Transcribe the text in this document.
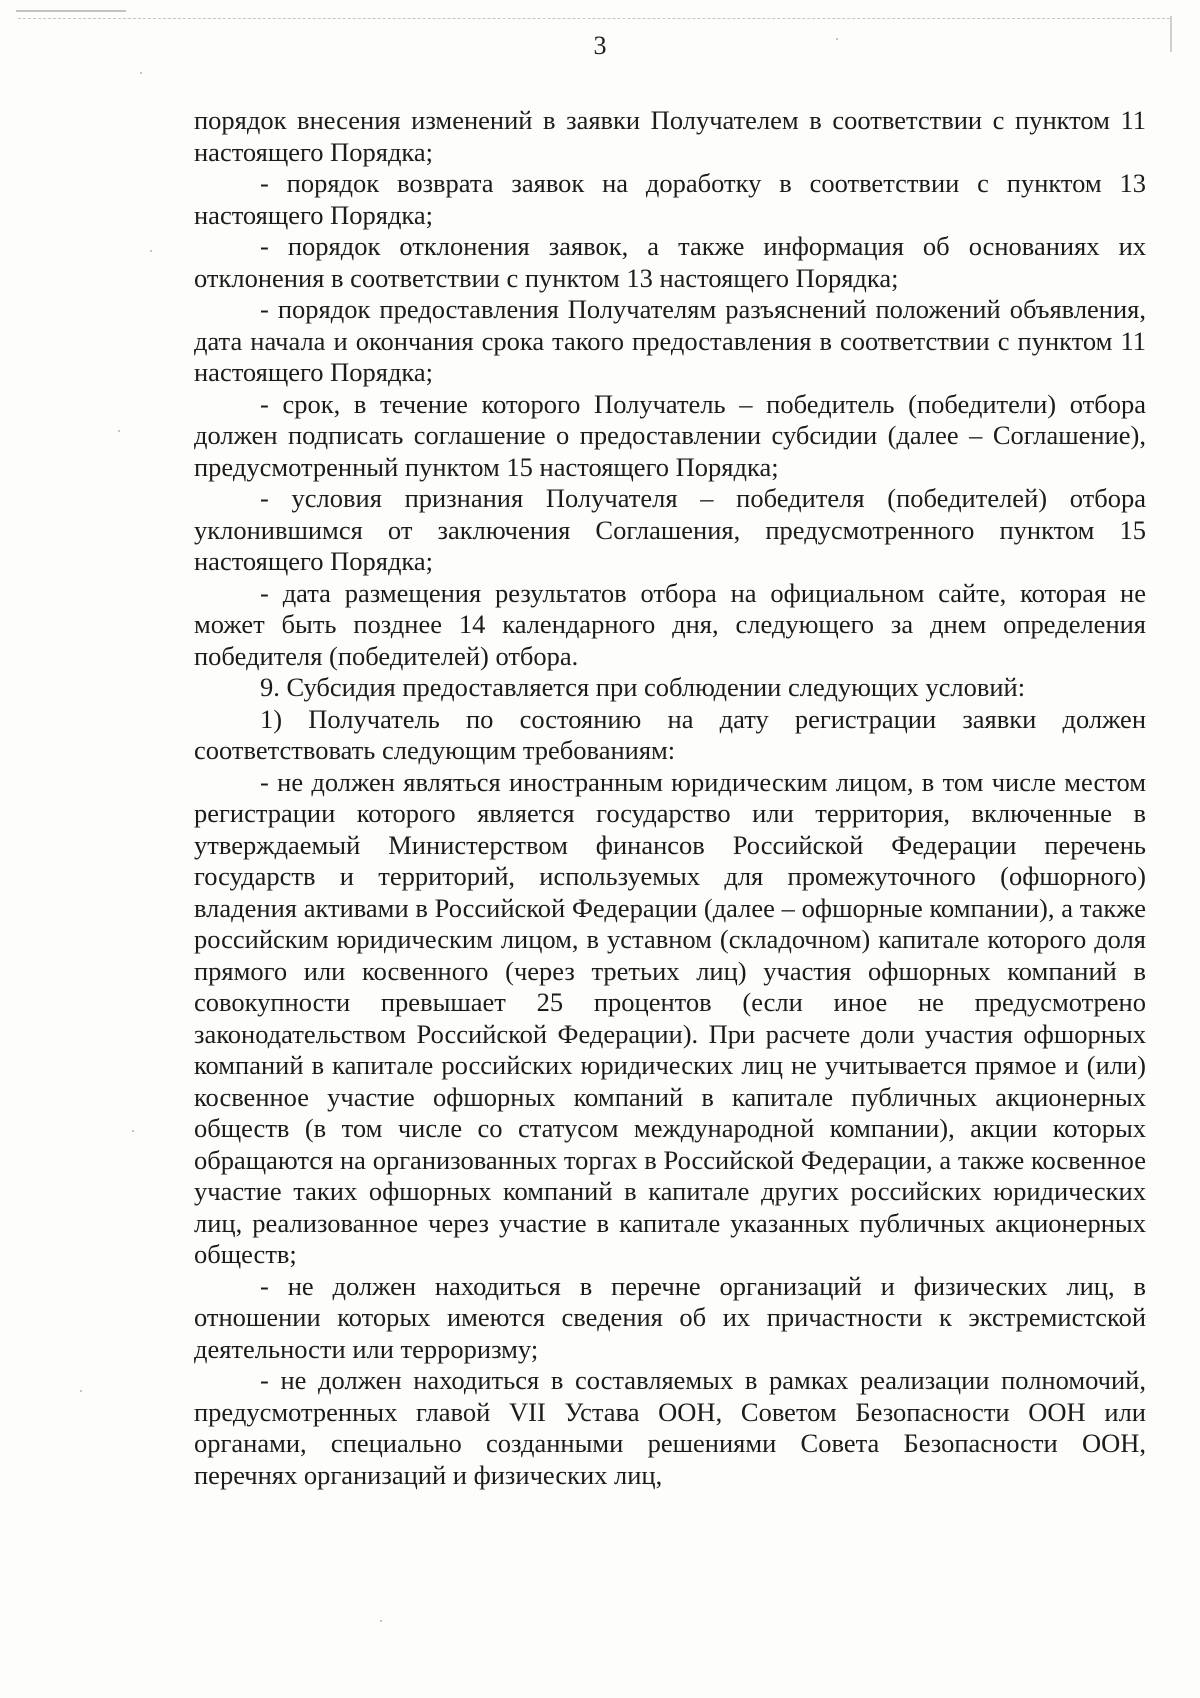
3

порядок внесения изменений в заявки Получателем в соответствии с пунктом 11 настоящего Порядка;

- порядок возврата заявок на доработку в соответствии с пунктом 13 настоящего Порядка;

- порядок отклонения заявок, а также информация об основаниях их отклонения в соответствии с пунктом 13 настоящего Порядка;

- порядок предоставления Получателям разъяснений положений объявления, дата начала и окончания срока такого предоставления в соответствии с пунктом 11 настоящего Порядка;

- срок, в течение которого Получатель – победитель (победители) отбора должен подписать соглашение о предоставлении субсидии (далее – Соглашение), предусмотренный пунктом 15 настоящего Порядка;

- условия признания Получателя – победителя (победителей) отбора уклонившимся от заключения Соглашения, предусмотренного пунктом 15 настоящего Порядка;

- дата размещения результатов отбора на официальном сайте, которая не может быть позднее 14 календарного дня, следующего за днем определения победителя (победителей) отбора.

9. Субсидия предоставляется при соблюдении следующих условий:

1) Получатель по состоянию на дату регистрации заявки должен соответствовать следующим требованиям:

- не должен являться иностранным юридическим лицом, в том числе местом регистрации которого является государство или территория, включенные в утверждаемый Министерством финансов Российской Федерации перечень государств и территорий, используемых для промежуточного (офшорного) владения активами в Российской Федерации (далее – офшорные компании), а также российским юридическим лицом, в уставном (складочном) капитале которого доля прямого или косвенного (через третьих лиц) участия офшорных компаний в совокупности превышает 25 процентов (если иное не предусмотрено законодательством Российской Федерации). При расчете доли участия офшорных компаний в капитале российских юридических лиц не учитывается прямое и (или) косвенное участие офшорных компаний в капитале публичных акционерных обществ (в том числе со статусом международной компании), акции которых обращаются на организованных торгах в Российской Федерации, а также косвенное участие таких офшорных компаний в капитале других российских юридических лиц, реализованное через участие в капитале указанных публичных акционерных обществ;

- не должен находиться в перечне организаций и физических лиц, в отношении которых имеются сведения об их причастности к экстремистской деятельности или терроризму;

- не должен находиться в составляемых в рамках реализации полномочий, предусмотренных главой VII Устава ООН, Советом Безопасности ООН или органами, специально созданными решениями Совета Безопасности ООН, перечнях организаций и физических лиц,
